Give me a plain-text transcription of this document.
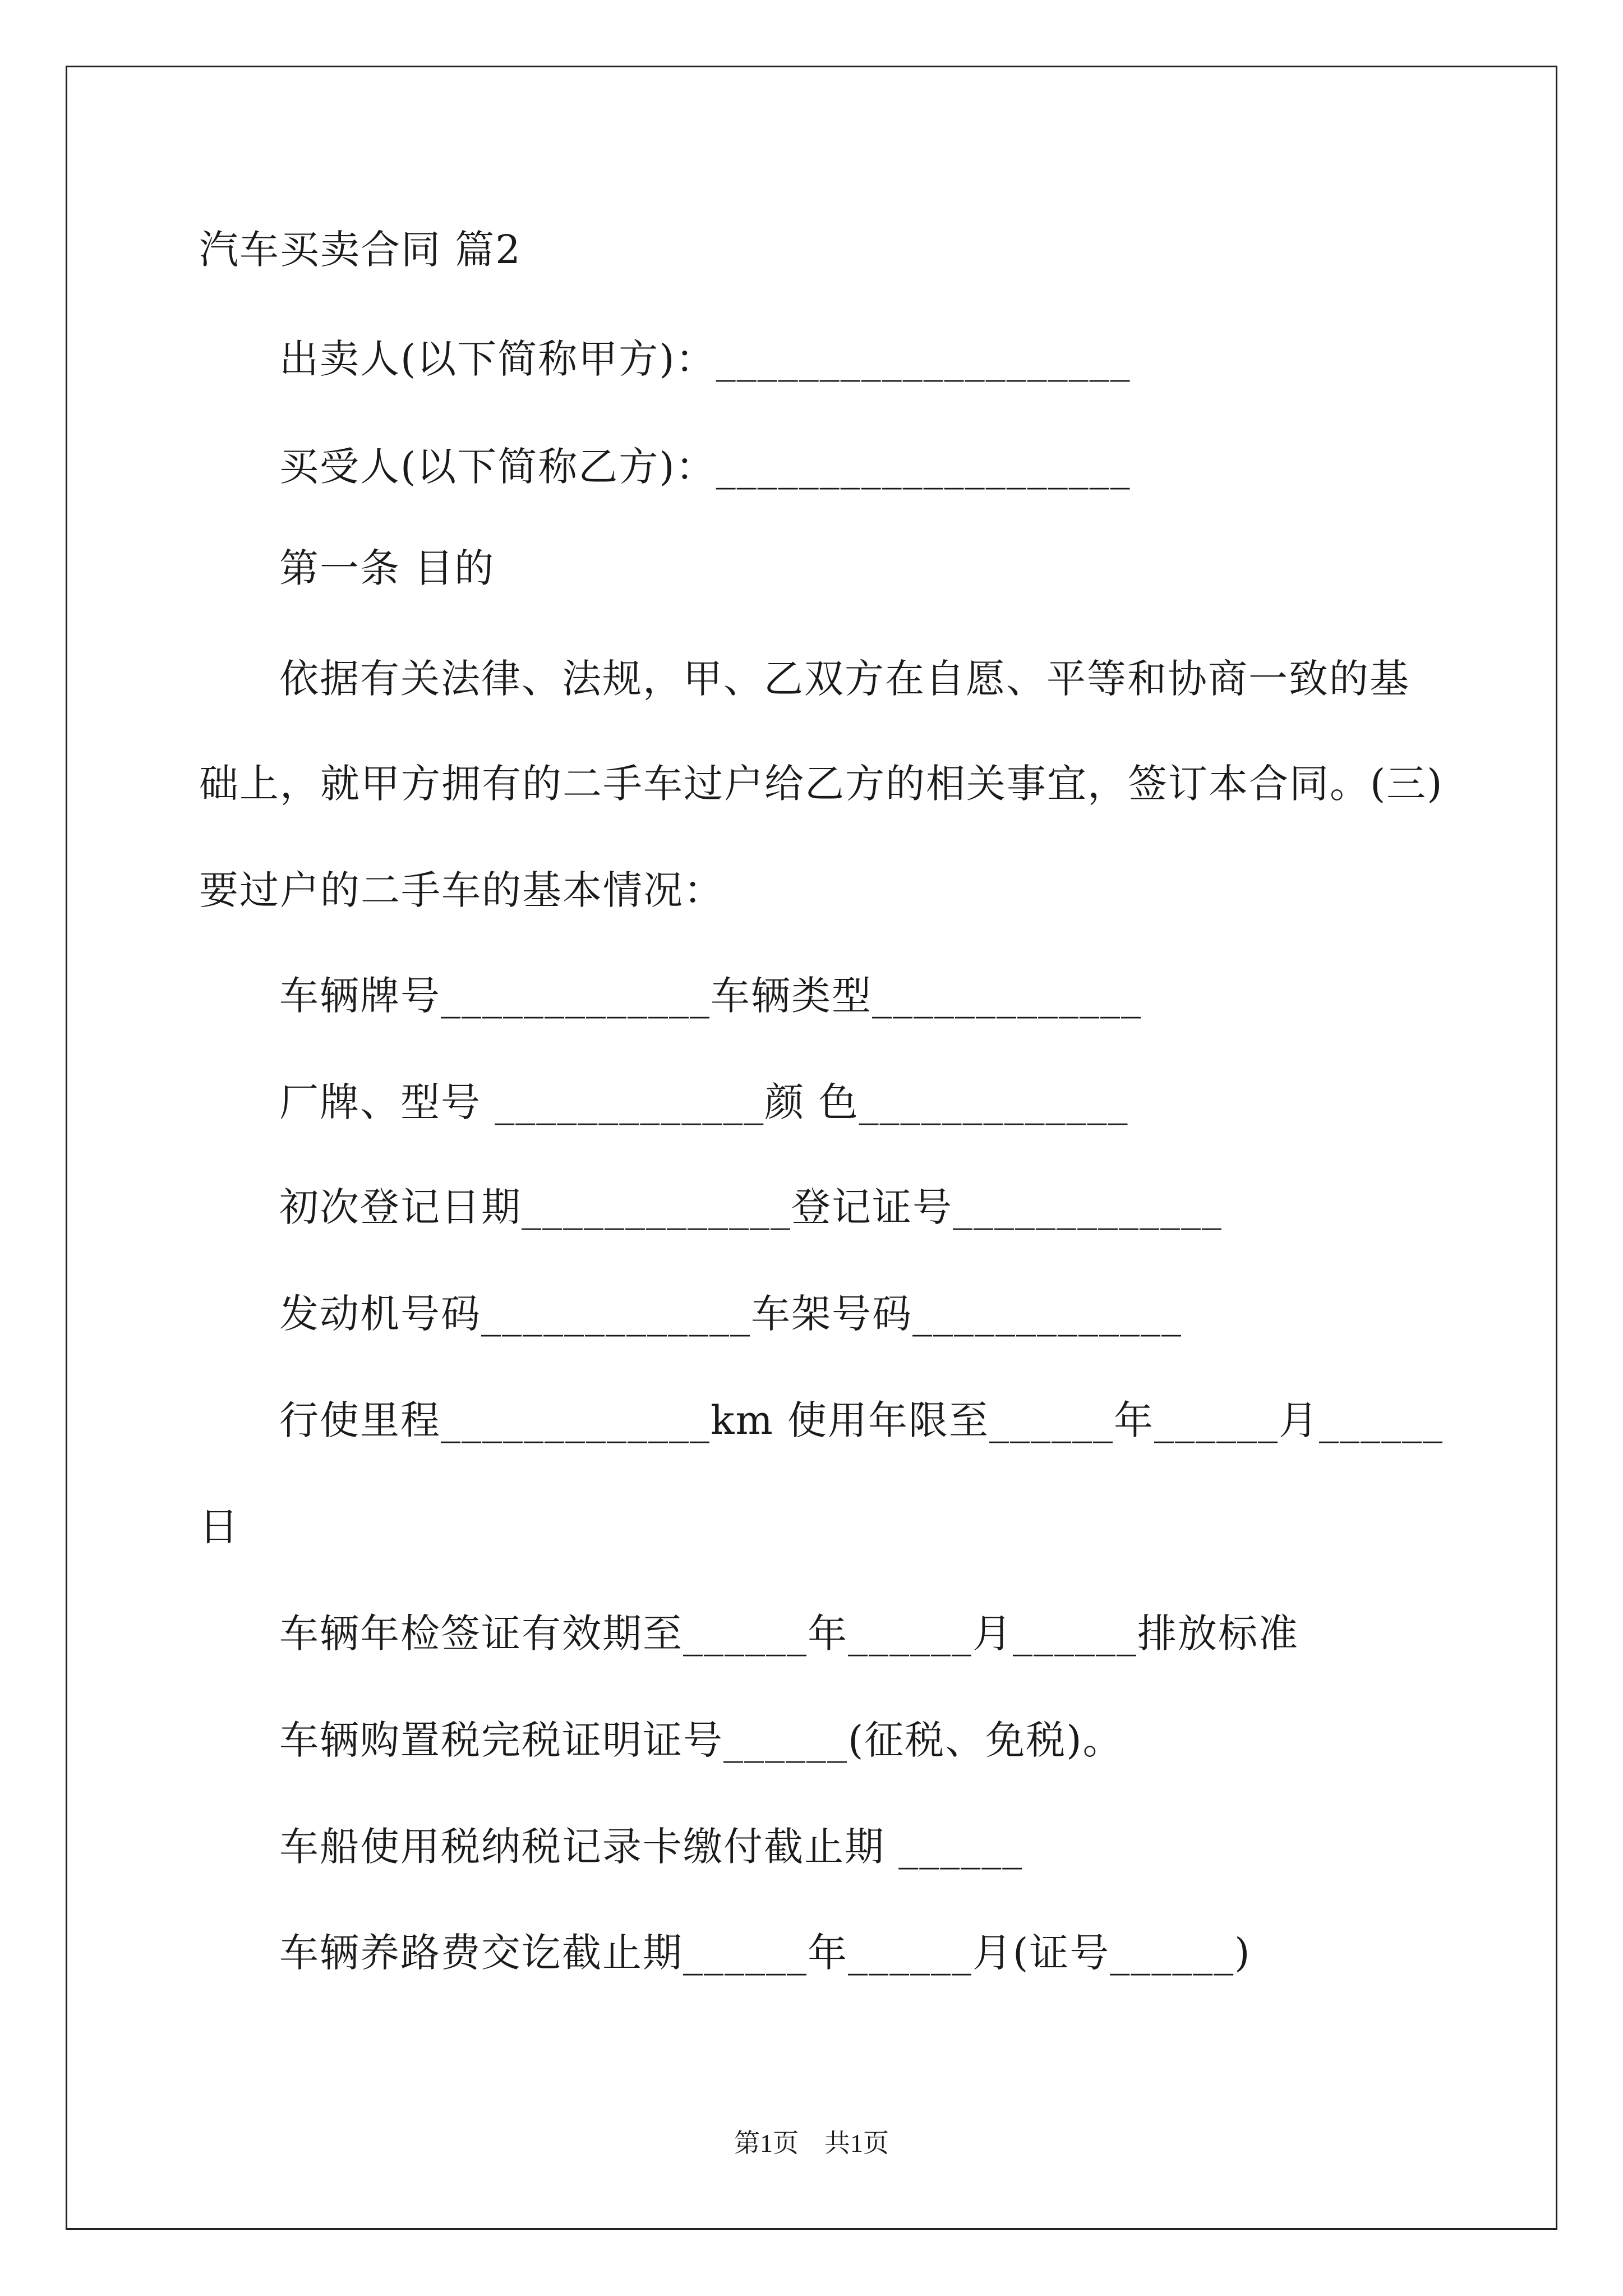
汽车买卖合同 篇2
出卖人(以下简称甲方)：____________________
买受人(以下简称乙方)：____________________
第一条 目的
依据有关法律、法规，甲、乙双方在自愿、平等和协商一致的基
础上，就甲方拥有的二手车过户给乙方的相关事宜，签订本合同。(三)
要过户的二手车的基本情况：
车辆牌号_____________车辆类型_____________
厂牌、型号 _____________颜 色_____________
初次登记日期_____________登记证号_____________
发动机号码_____________车架号码_____________
行使里程_____________km 使用年限至______年______月______
日
车辆年检签证有效期至______年______月______排放标准
车辆购置税完税证明证号______(征税、免税)。
车船使用税纳税记录卡缴付截止期 ______
车辆养路费交讫截止期______年______月(证号______)
第1页　共1页
